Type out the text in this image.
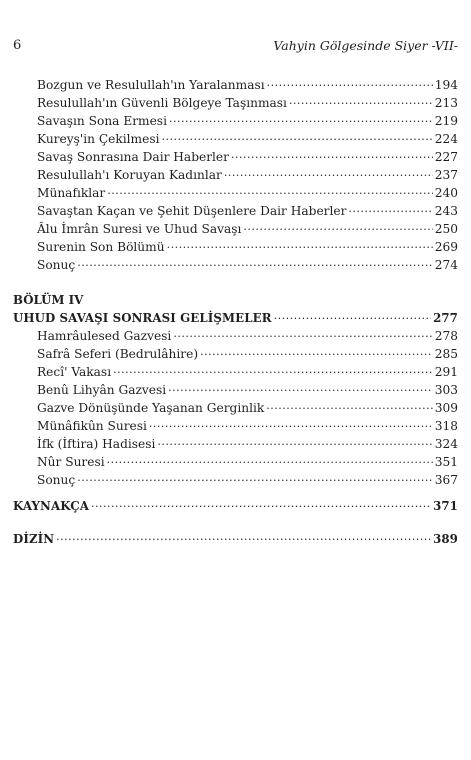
6	Vahyin Gölgesinde Siyer -VII-
Bozgun ve Resulullah'ın Yaralanması .....	194
Resulullah'ın Güvenli Bölgeye Taşınması .....	213
Savaşın Sona Ermesi .....	219
Kureyş'in Çekilmesi .....	224
Savaş Sonrasına Dair Haberler .....	227
Resulullah'ı Koruyan Kadınlar .....	237
Münafıklar .....	240
Savaştan Kaçan ve Şehit Düşenlere Dair Haberler .....	243
Âlu İmrân Suresi ve Uhud Savaşı .....	250
Surenin Son Bölümü .....	269
Sonuç .....	274
BÖLÜM IV
UHUD SAVAŞI SONRASI GELİŞMELER .....	277
Hamrâulesed Gazvesi .....	278
Safrâ Seferi (Bedrulâhire) .....	285
Recî' Vakası .....	291
Benû Lihyân Gazvesi .....	303
Gazve Dönüşünde Yaşanan Gerginlik .....	309
Münâfikûn Suresi .....	318
İfk (İftira) Hadisesi .....	324
Nûr Suresi .....	351
Sonuç .....	367
KAYNAKÇA .....	371
DİZİN .....	389
